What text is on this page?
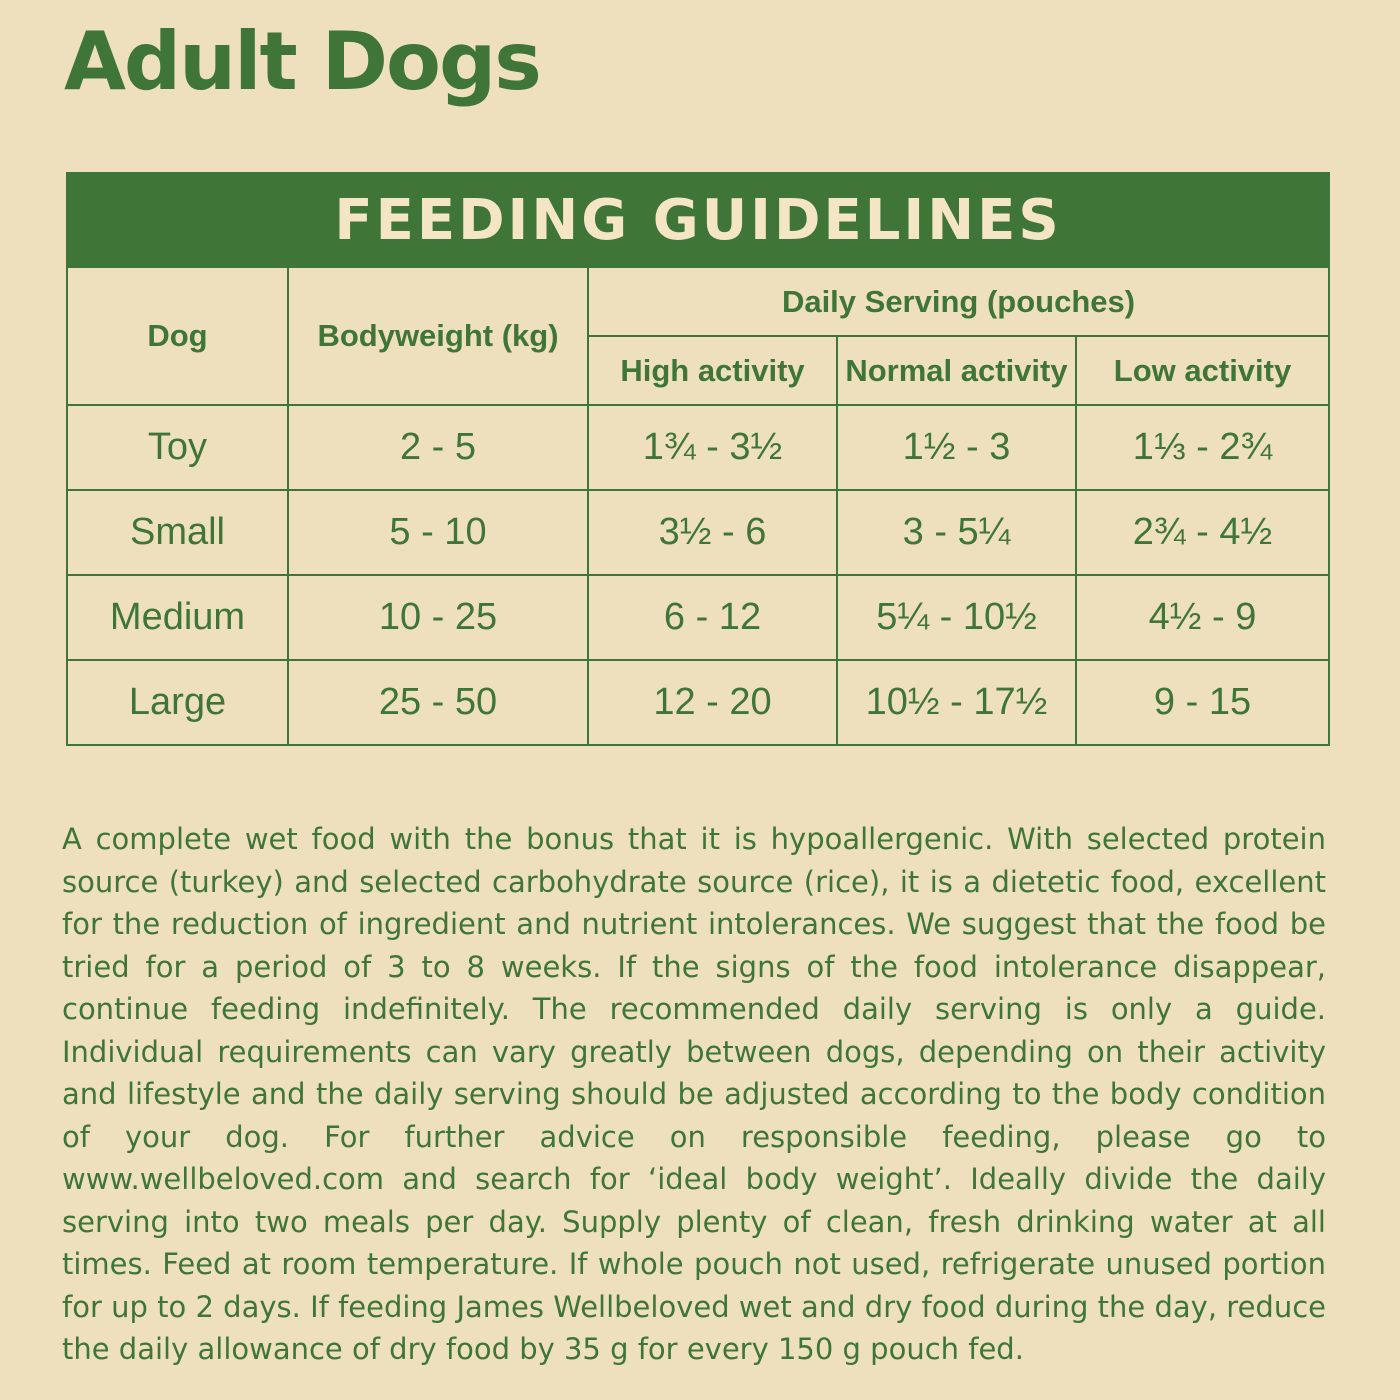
Adult Dogs
FEEDING GUIDELINES				
Dog	Bodyweight (kg)	Daily Serving (pouches)		
		High activity	Normal activity	Low activity
Toy	2 - 5	1¾ - 3½	1½ - 3	1⅓ - 2¾
Small	5 - 10	3½ - 6	3 - 5¼	2¾ - 4½
Medium	10 - 25	6 - 12	5¼ - 10½	4½ - 9
Large	25 - 50	12 - 20	10½ - 17½	9 - 15

A complete wet food with the bonus that it is hypoallergenic. With selected protein source (turkey) and selected carbohydrate source (rice), it is a dietetic food, excellent for the reduction of ingredient and nutrient intolerances. We suggest that the food be tried for a period of 3 to 8 weeks. If the signs of the food intolerance disappear, continue feeding indefinitely. The recommended daily serving is only a guide. Individual requirements can vary greatly between dogs, depending on their activity and lifestyle and the daily serving should be adjusted according to the body condition of your dog. For further advice on responsible feeding, please go to www.wellbeloved.com and search for ‘ideal body weight’. Ideally divide the daily serving into two meals per day. Supply plenty of clean, fresh drinking water at all times. Feed at room temperature. If whole pouch not used, refrigerate unused portion for up to 2 days. If feeding James Wellbeloved wet and dry food during the day, reduce the daily allowance of dry food by 35 g for every 150 g pouch fed.
